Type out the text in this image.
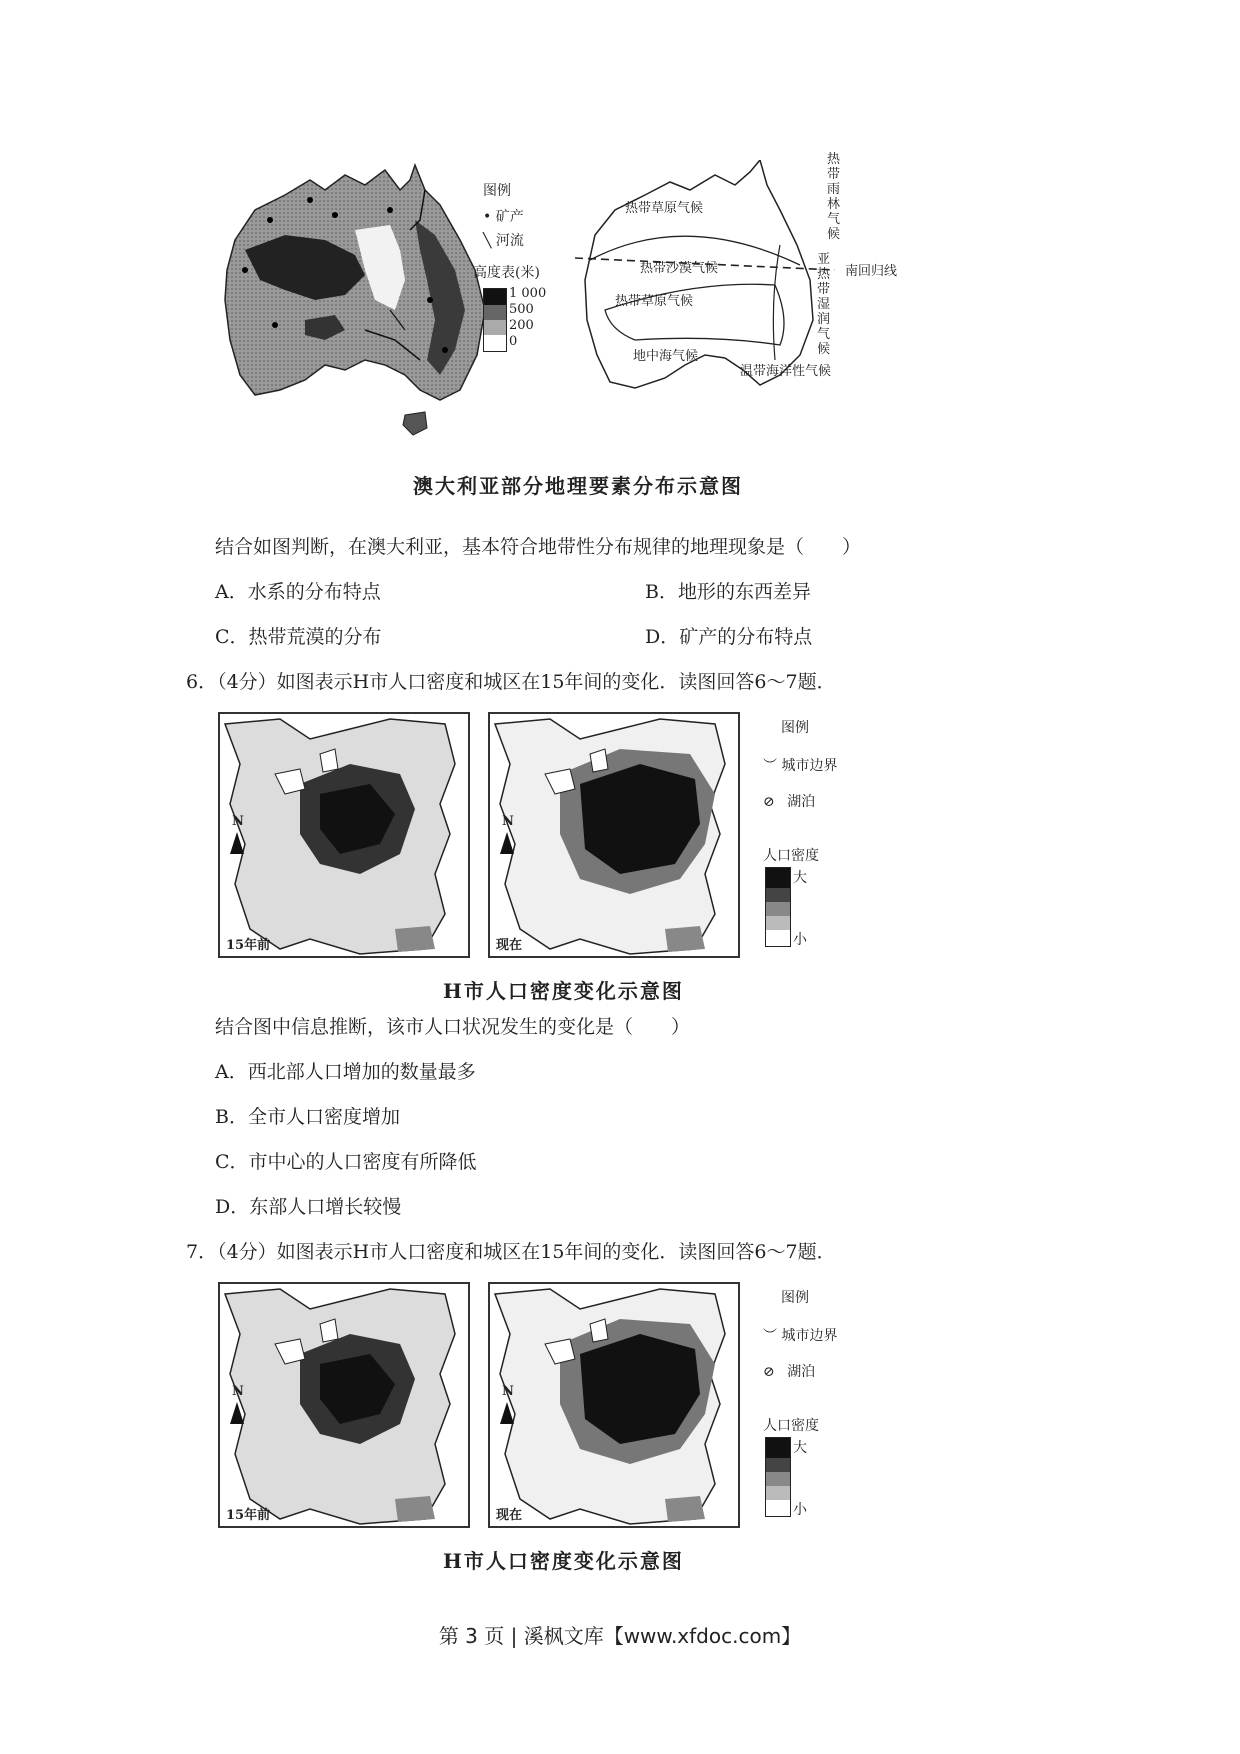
图例
• 矿产
╲ 河流
高度表(米)
1 000
500
200
0
热带草原气候
热带沙漠气候
热带草原气候
地中海气候
温带海洋性气候
南回归线
热
带
雨
林
气
候
亚
热
带
湿
润
气
候
澳大利亚部分地理要素分布示意图
结合如图判断，在澳大利亚，基本符合地带性分布规律的地理现象是（　　）
A．水系的分布特点	B．地形的东西差异
C．热带荒漠的分布	D．矿产的分布特点
6．（4分）如图表示H市人口密度和城区在15年间的变化．读图回答6～7题．
N
15年前
N
现在
图例
︶ 城市边界
⊘ 湖泊
人口密度
大
小
H市人口密度变化示意图
结合图中信息推断，该市人口状况发生的变化是（　　）
A．西北部人口增加的数量最多
B．全市人口密度增加
C．市中心的人口密度有所降低
D．东部人口增长较慢
7．（4分）如图表示H市人口密度和城区在15年间的变化．读图回答6～7题．
N
15年前
N
现在
图例
︶ 城市边界
⊘ 湖泊
人口密度
大
小
H市人口密度变化示意图
第 3 页 | 溪枫文库【www.xfdoc.com】
